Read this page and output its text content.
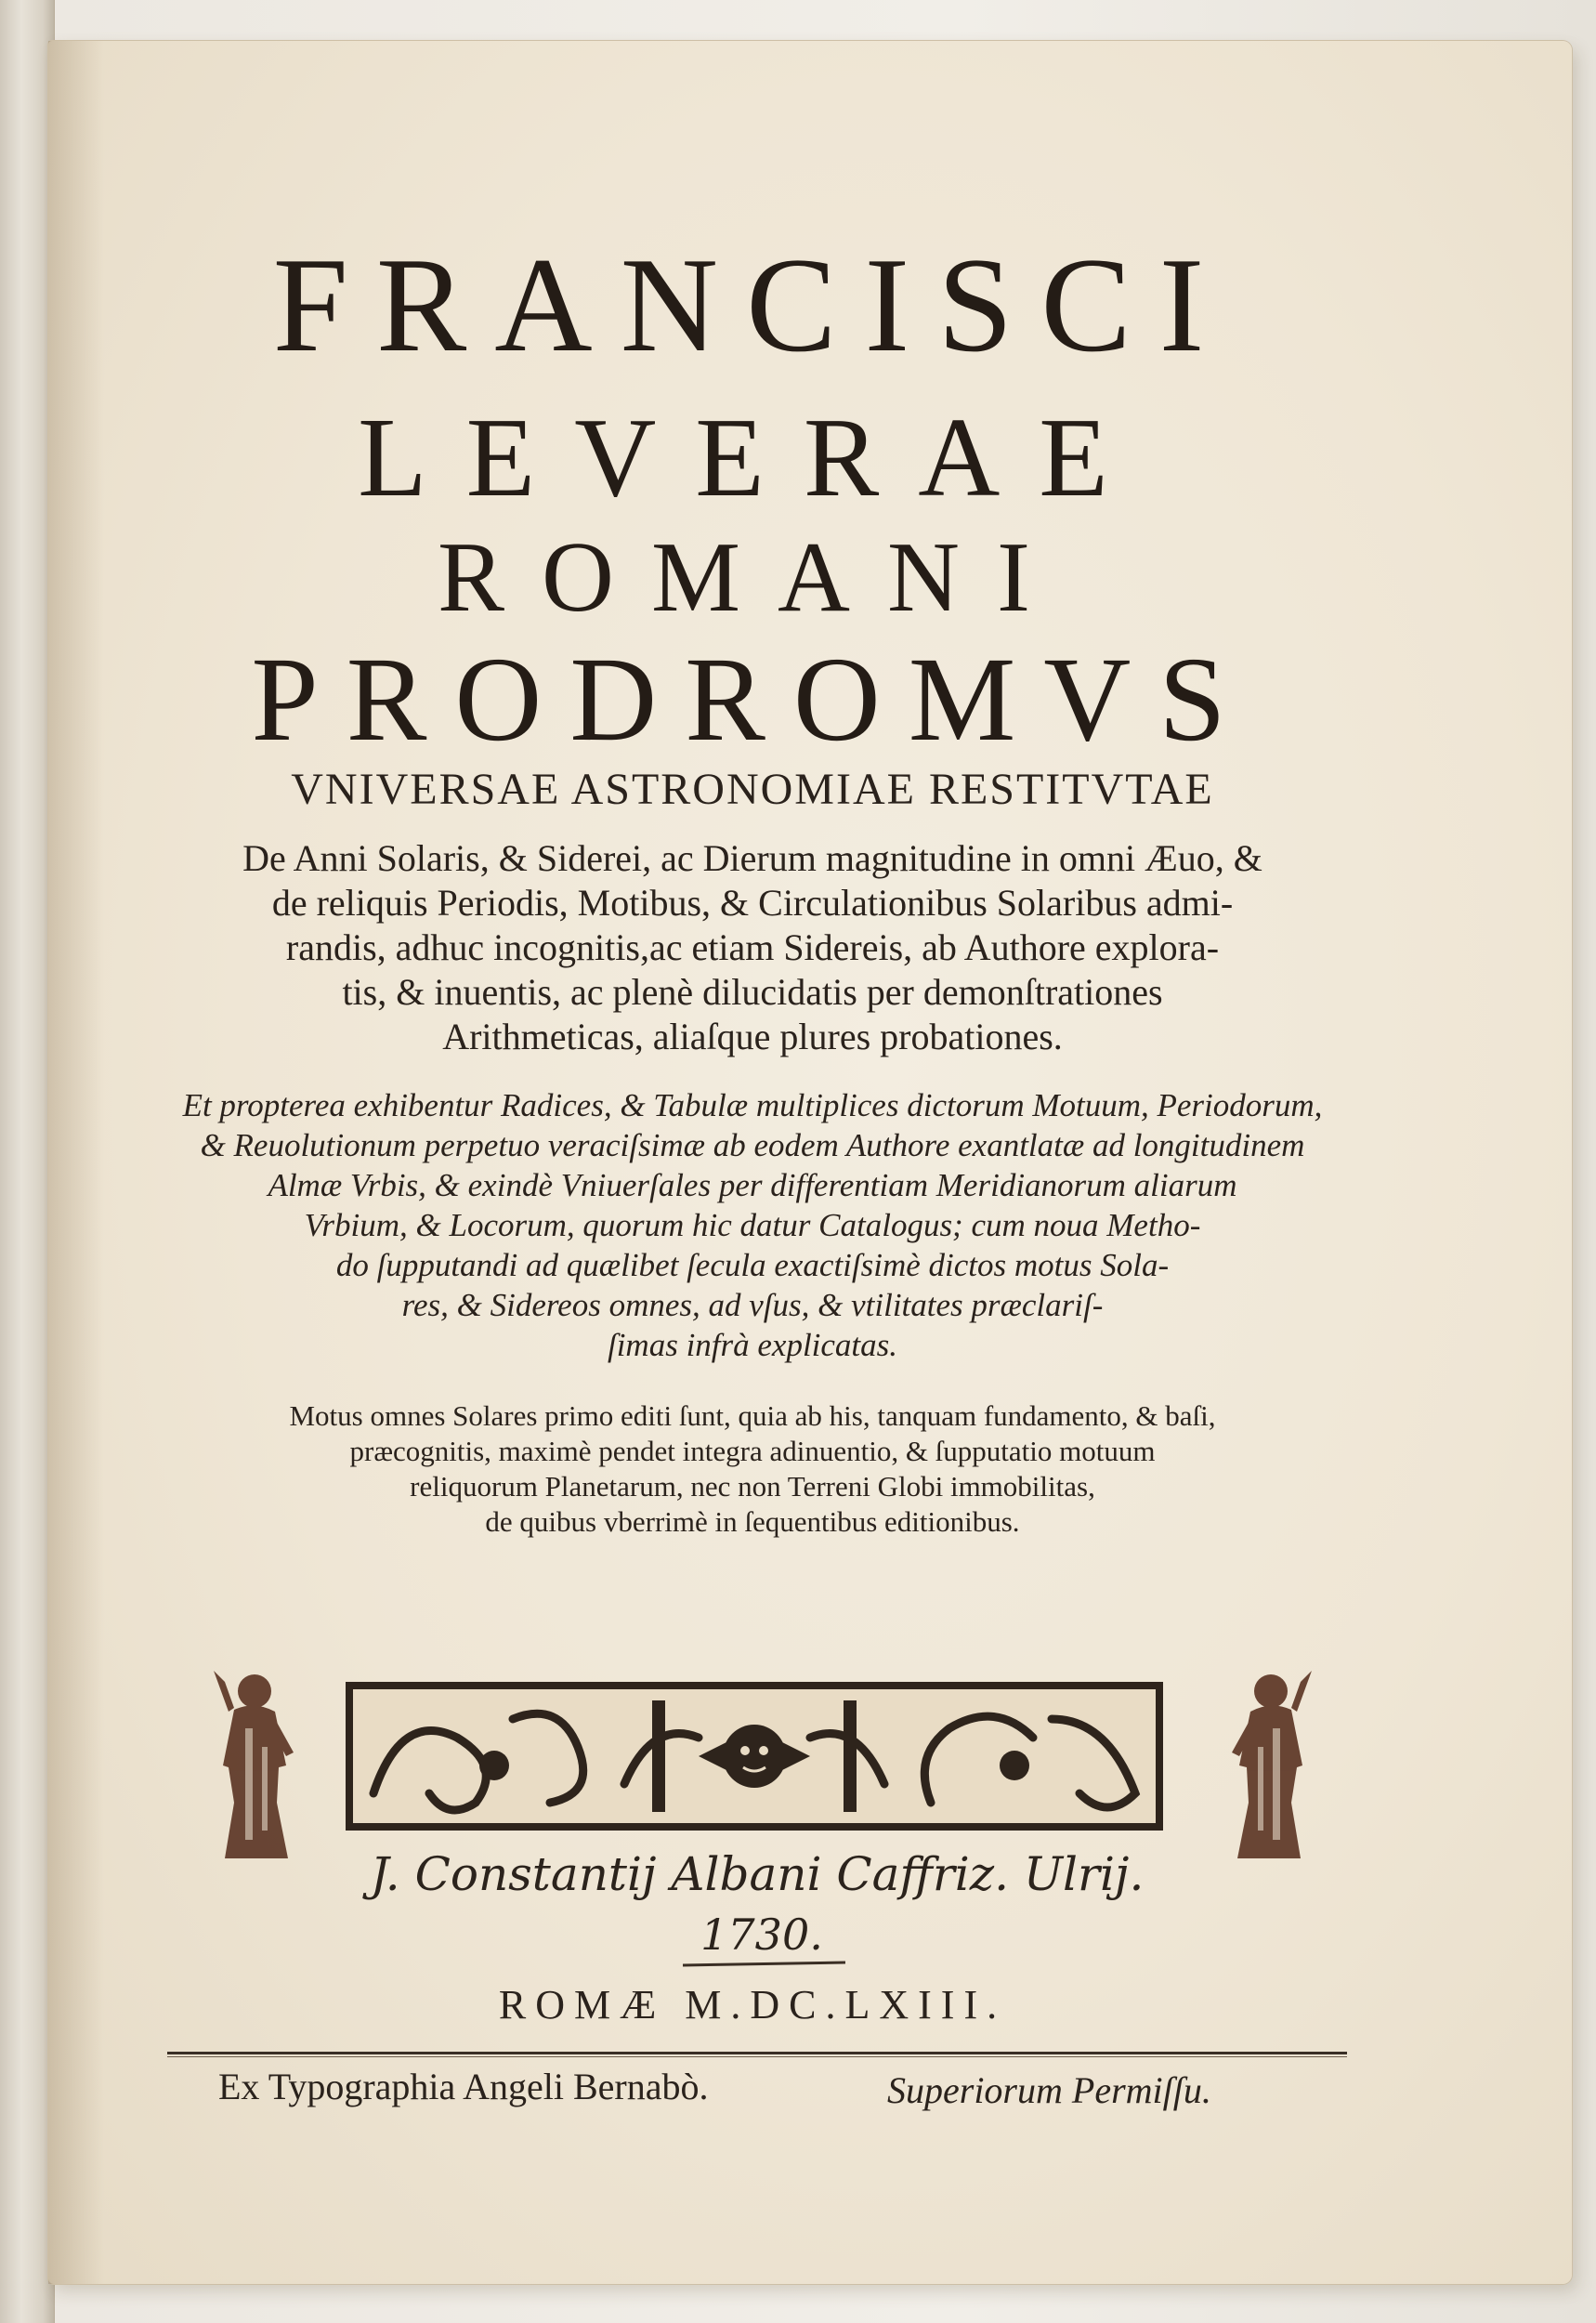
FRANCISCI
LEVERAE
ROMANI
PRODROMVS
VNIVERSAE ASTRONOMIAE RESTITVTAE
De Anni Solaris, & Siderei, ac Dierum magnitudine in omni Æuo, &
de reliquis Periodis, Motibus, & Circulationibus Solaribus admi-
randis, adhuc incognitis,ac etiam Sidereis, ab Authore explora-
tis, & inuentis, ac plenè dilucidatis per demonſtrationes
Arithmeticas, aliaſque plures probationes.
Et propterea exhibentur Radices, & Tabulæ multiplices dictorum Motuum, Periodorum,
& Reuolutionum perpetuo veraciſsimæ ab eodem Authore exantlatæ ad longitudinem
Almæ Vrbis, & exindè Vniuerſales per differentiam Meridianorum aliarum
Vrbium, & Locorum, quorum hic datur Catalogus; cum noua Metho-
do ſupputandi ad quælibet ſecula exactiſsimè dictos motus Sola-
res, & Sidereos omnes, ad vſus, & vtilitates præclariſ-
ſimas infrà explicatas.
Motus omnes Solares primo editi ſunt, quia ab his, tanquam fundamento, & baſi,
præcognitis, maximè pendet integra adinuentio, & ſupputatio motuum
reliquorum Planetarum, nec non Terreni Globi immobilitas,
de quibus vberrimè in ſequentibus editionibus.
J. Constantij Albani Caffriz. Ulrij.
1730.
ROMÆ M.DC.LXIII.
Ex Typographia Angeli Bernabò.	Superiorum Permiſſu.
